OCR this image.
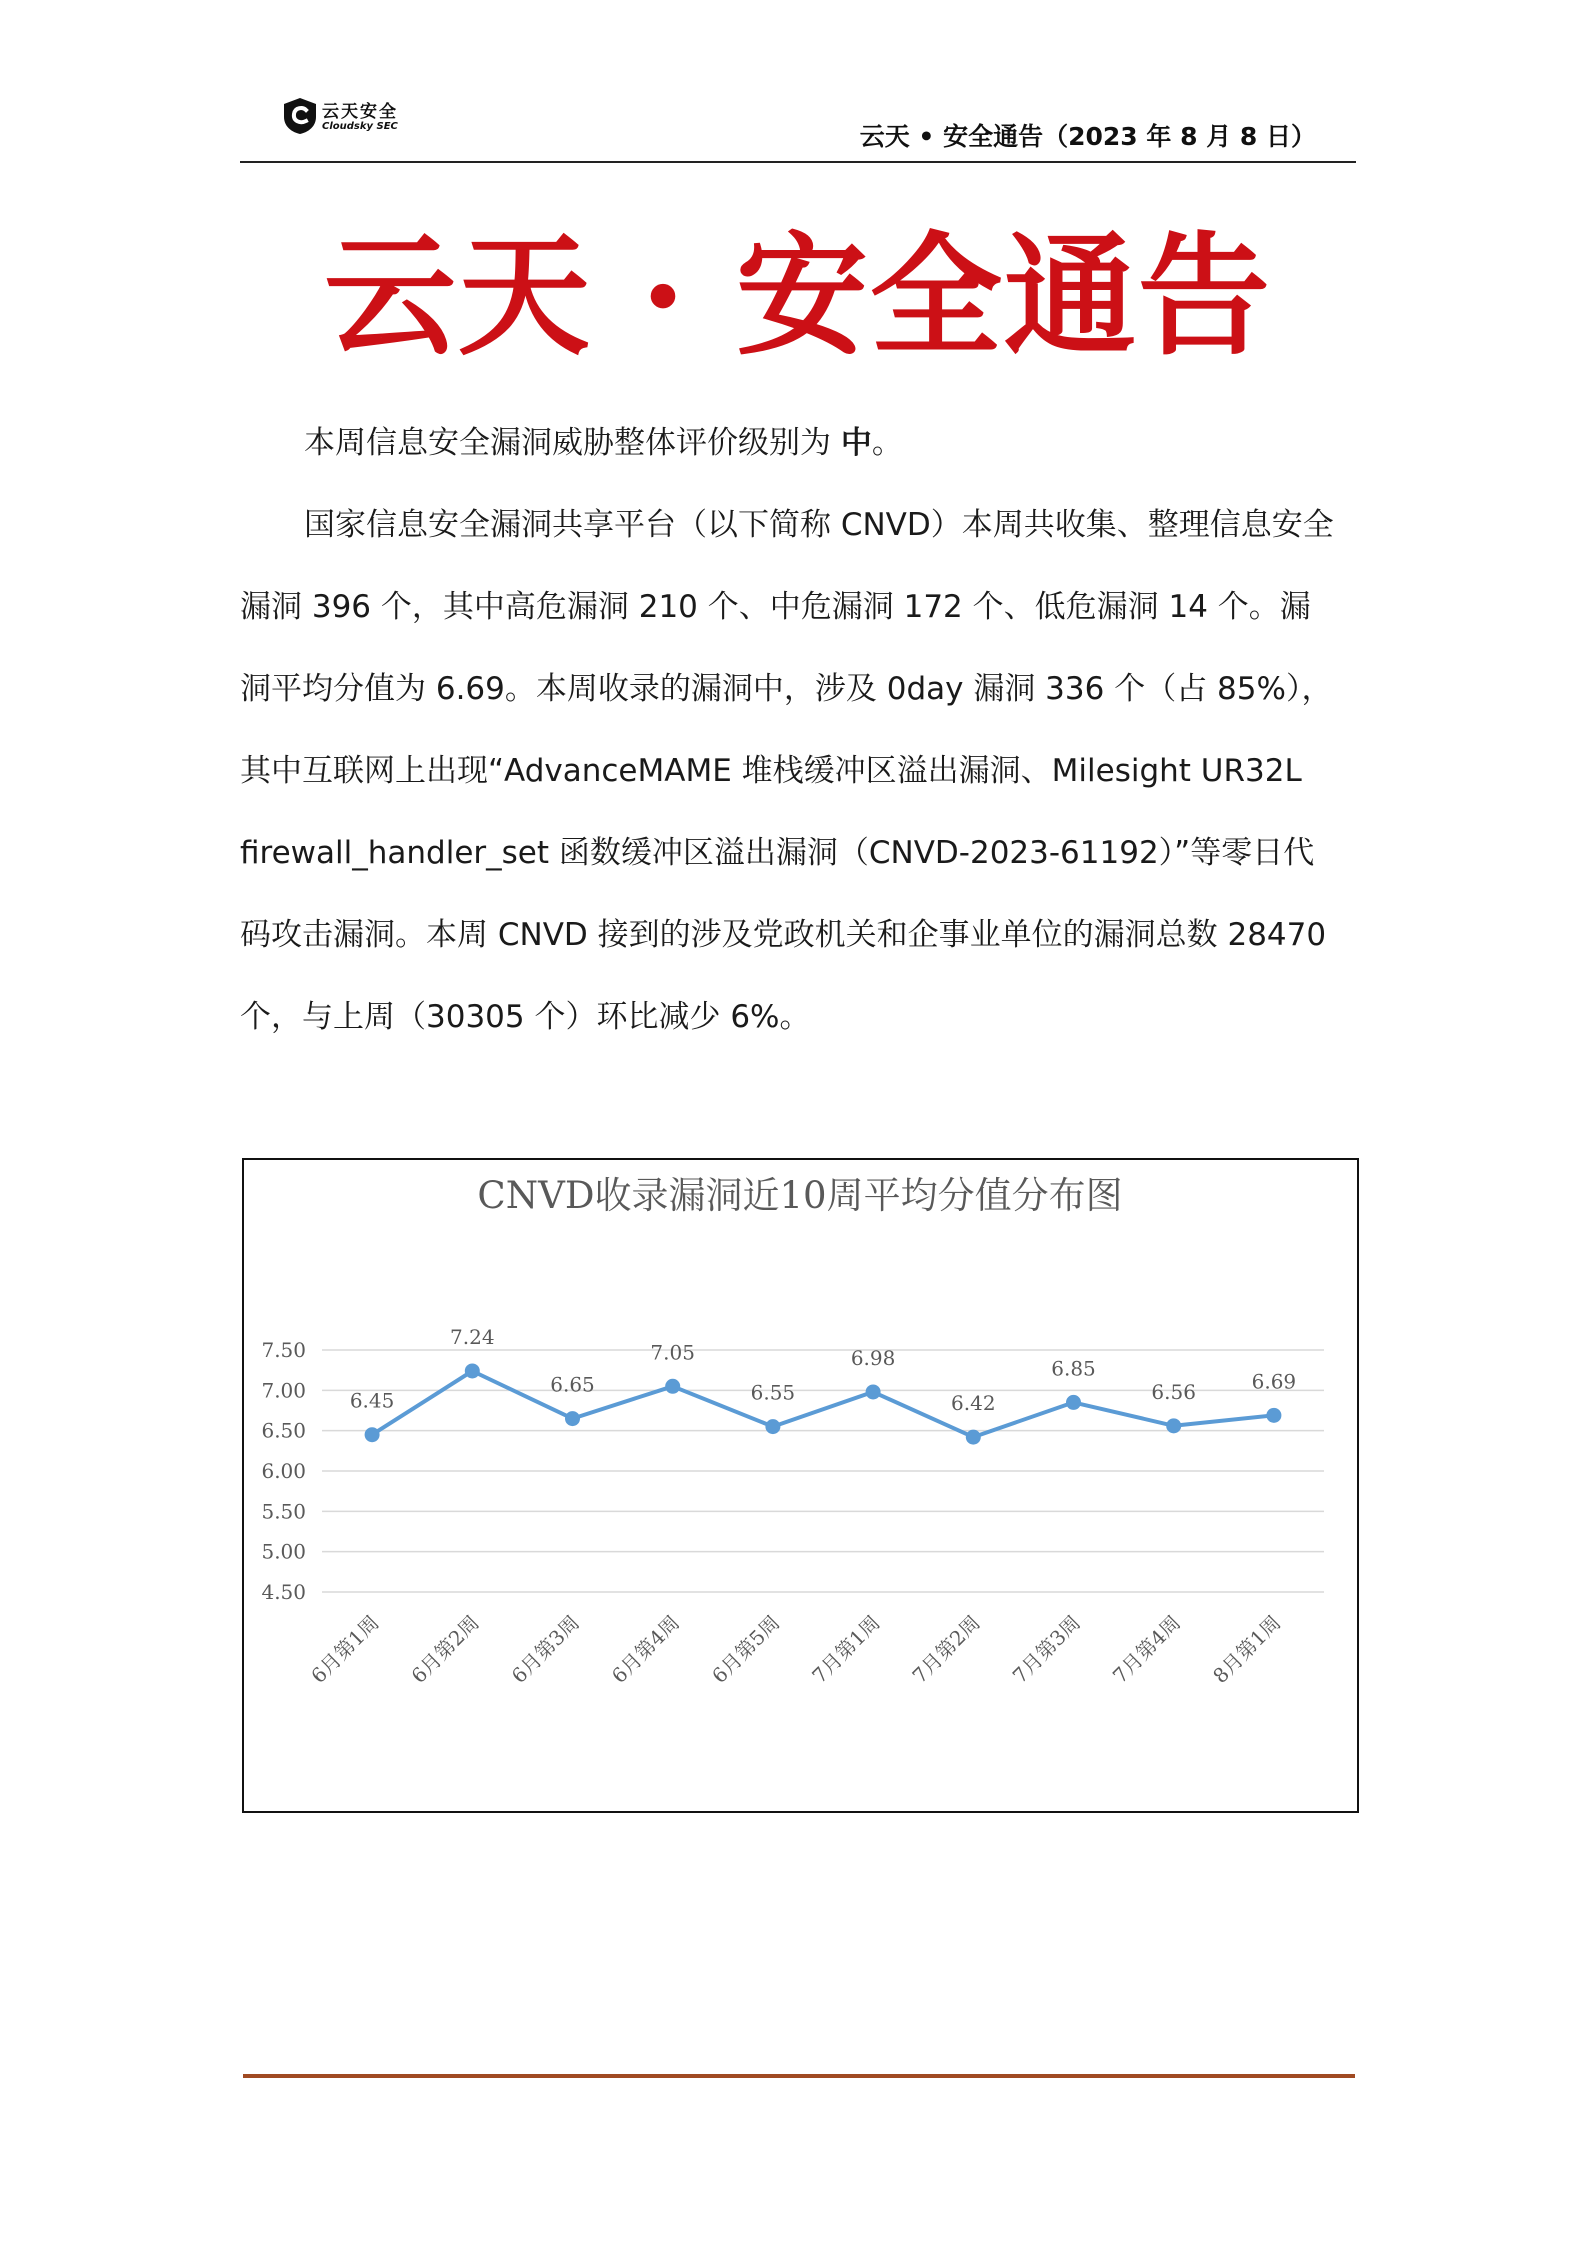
云天安全
Cloudsky SEC	云天 • 安全通告（2023 年 8 月 8 日）
云天 · 安全通告

本周信息安全漏洞威胁整体评价级别为 中。

国家信息安全漏洞共享平台（以下简称 CNVD）本周共收集、整理信息安全漏洞 396 个，其中高危漏洞 210 个、中危漏洞 172 个、低危漏洞 14 个。漏洞平均分值为 6.69。本周收录的漏洞中，涉及 0day 漏洞 336 个（占 85%），其中互联网上出现“AdvanceMAME 堆栈缓冲区溢出漏洞、Milesight UR32L firewall_handler_set 函数缓冲区溢出漏洞（CNVD-2023-61192）”等零日代码攻击漏洞。本周 CNVD 接到的涉及党政机关和企事业单位的漏洞总数 28470 个，与上周（30305 个）环比减少 6%。

CNVD收录漏洞近10周平均分值分布图
4.50
5.00
5.50
6.00
6.50
7.00
7.50
6.45
7.24
6.65
7.05
6.55
6.98
6.42
6.85
6.56	6.69
6月第1周 6月第2周 6月第3周 6月第4周 6月第5周 7月第1周 7月第2周 7月第3周 7月第4周 8月第1周
